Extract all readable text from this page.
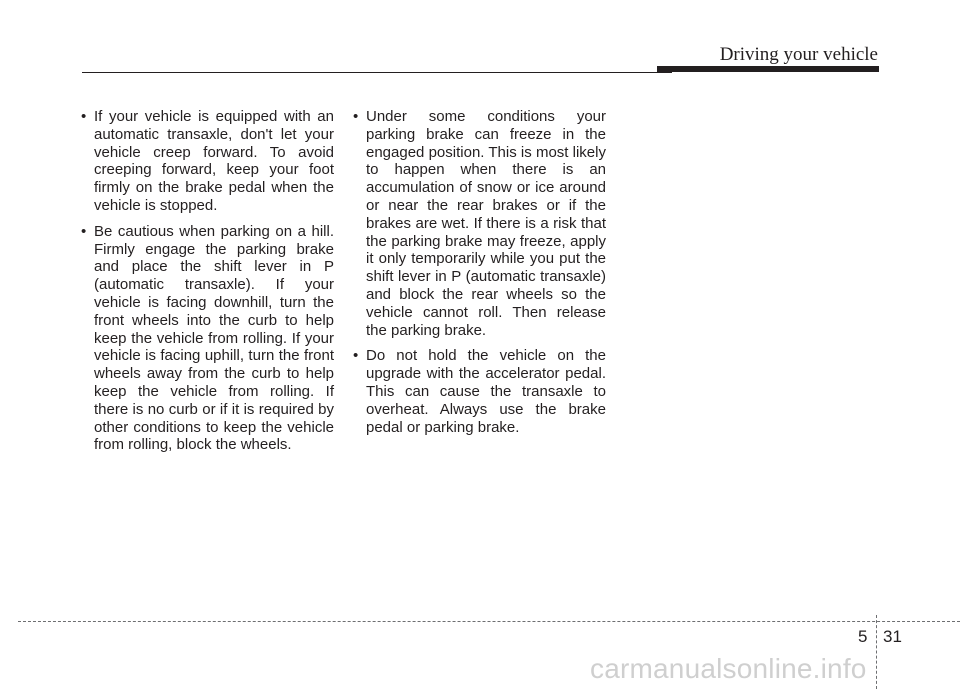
Driving your vehicle

• If your vehicle is equipped with an automatic transaxle, don't let your vehicle creep forward. To avoid creeping forward, keep your foot firmly on the brake pedal when the vehicle is stopped.

• Be cautious when parking on a hill. Firmly engage the parking brake and place the shift lever in P (automatic transaxle). If your vehicle is facing downhill, turn the front wheels into the curb to help keep the vehicle from rolling. If your vehicle is facing uphill, turn the front wheels away from the curb to help keep the vehicle from rolling. If there is no curb or if it is required by other conditions to keep the vehicle from rolling, block the wheels.

• Under some conditions your parking brake can freeze in the engaged position. This is most likely to happen when there is an accumulation of snow or ice around or near the rear brakes or if the brakes are wet. If there is a risk that the parking brake may freeze, apply it only temporarily while you put the shift lever in P (automatic transaxle) and block the rear wheels so the vehicle cannot roll. Then release the parking brake.

• Do not hold the vehicle on the upgrade with the accelerator pedal. This can cause the transaxle to overheat. Always use the brake pedal or parking brake.

5 31
carmanualsonline.info
